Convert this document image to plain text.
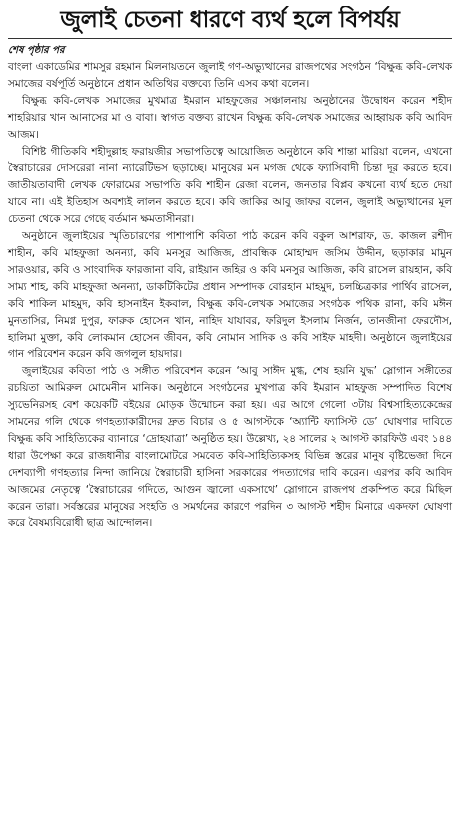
জুলাই চেতনা ধারণে ব্যর্থ হলে বিপর্যয়
শেষ পৃষ্ঠার পর

বাংলা একাডেমির শামসুর রহমান মিলনায়তনে জুলাই গণ-অভ্যুত্থানের রাজপথের সংগঠন ‘বিক্ষুব্ধ কবি-লেখক সমাজের বর্ষপূর্তি অনুষ্ঠানে প্রধান অতিথির বক্তব্যে তিনি এসব কথা বলেন।

বিক্ষুব্ধ কবি-লেখক সমাজের মুখমাত্র ইমরান মাহফুজের সঞ্চালনায় অনুষ্ঠানের উদ্বোধন করেন শহীদ শাহরিয়ার খান আনাসের মা ও বাবা। স্বাগত বক্তব্য রাখেন বিক্ষুব্ধ কবি-লেখক সমাজের আহ্বায়ক কবি আবিদ আজম।

বিশিষ্ট গীতিকবি শহীদুল্লাহ ফরায়জীর সভাপতিত্বে আয়োজিত অনুষ্ঠানে কবি শান্তা মারিয়া বলেন, এখনো স্বৈরাচারের দোসরেরা নানা ন্যারেটিভস ছড়াচ্ছে। মানুষের মন মগজ থেকে ফ্যাসিবাদী চিন্তা দূর করতে হবে। জাতীয়তাবাদী লেখক ফোরামের সভাপতি কবি শাহীন রেজা বলেন, জনতার বিপ্লব কখনো ব্যর্থ হতে দেয়া যাবে না। এই ইতিহাস অবশ্যই লালন করতে হবে। কবি জাকির আবু জাফর বলেন, জুলাই অভ্যুত্থানের মূল চেতনা থেকে সরে গেছে বর্তমান ক্ষমতাসীনরা।

অনুষ্ঠানে জুলাইয়ের স্মৃতিচারণের পাশাপাশি কবিতা পাঠ করেন কবি বকুল আশরাফ, ড. কাজল রশীদ শাহীন, কবি মাহফুজা অনন্যা, কবি মনসুর আজিজ, প্রাবন্ধিক মোহাম্মদ জসিম উদ্দীন, ছড়াকার মামুন সারওয়ার, কবি ও সাংবাদিক ফারজানা ববি, রাইয়ান জহির ও কবি মনসুর আজিজ, কবি রাসেল রায়হান, কবি সাম্য শাহ, কবি মাহফুজা অনন্যা, ডাকটিকিটের প্রধান সম্পাদক বোরহান মাহমুদ, চলচ্চিত্রকার পার্থিব রাসেল, কবি শাকিল মাহমুদ, কবি হাসনাইন ইকবাল, বিক্ষুব্ধ কবি-লেখক সমাজের সংগঠক পথিক রানা, কবি মঈন মুনতাসির, নিমগ্ন দুপুর, ফারুক হোসেন খান, নাহিদ যাযাবর, ফরিদুল ইসলাম নির্জন, তানজীনা ফেরদৌস, হালিমা মুক্তা, কবি লোকমান হোসেন জীবন, কবি নোমান সাদিক ও কবি সাইফ মাহদী। অনুষ্ঠানে জুলাইয়ের গান পরিবেশন করেন কবি জগলুল হায়দার।

জুলাইয়ের কবিতা পাঠ ও সঙ্গীত পরিবেশন করেন ‘আবু সাঈদ মুগ্ধ, শেষ হয়নি যুদ্ধ’ স্লোগান সঙ্গীতের রচয়িতা আমিরুল মোমেনীন মানিক। অনুষ্ঠানে সংগঠনের মুখপাত্র কবি ইমরান মাহফুজ সম্পাদিত বিশেষ স্যুভেনিরসহ বেশ কয়েকটি বইয়ের মোড়ক উন্মোচন করা হয়। এর আগে গেলো ৩টায় বিশ্বসাহিত্যকেন্দ্রের সামনের গলি থেকে গণহত্যাকারীদের দ্রুত বিচার ও ৫ আগস্টকে ‘অ্যান্টি ফ্যাসিস্ট ডে’ ঘোষণার দাবিতে বিক্ষুব্ধ কবি সাহিত্যিকের ব্যানারে ‘দ্রোহযাত্রা’ অনুষ্ঠিত হয়। উল্লেখ্য, ২৪ সালের ২ আগস্ট কারফিউ এবং ১৪৪ ধারা উপেক্ষা করে রাজধানীর বাংলামোটরে সমবেত কবি-সাহিত্যিকসহ বিভিন্ন স্তরের মানুষ বৃষ্টিভেজা দিনে দেশব্যাপী গণহত্যার নিন্দা জানিয়ে স্বৈরাচারী হাসিনা সরকারের পদত্যাগের দাবি করেন। এরপর কবি আবিদ আজমের নেতৃত্বে ‘স্বৈরাচারের গদিতে, আগুন জ্বালো একসাথে’ স্লোগানে রাজপথ প্রকম্পিত করে মিছিল করেন তারা। সর্বস্তরের মানুষের সংহতি ও সমর্থনের কারণে পরদিন ৩ আগস্ট শহীদ মিনারে একদফা ঘোষণা করে বৈষম্যবিরোধী ছাত্র আন্দোলন।
